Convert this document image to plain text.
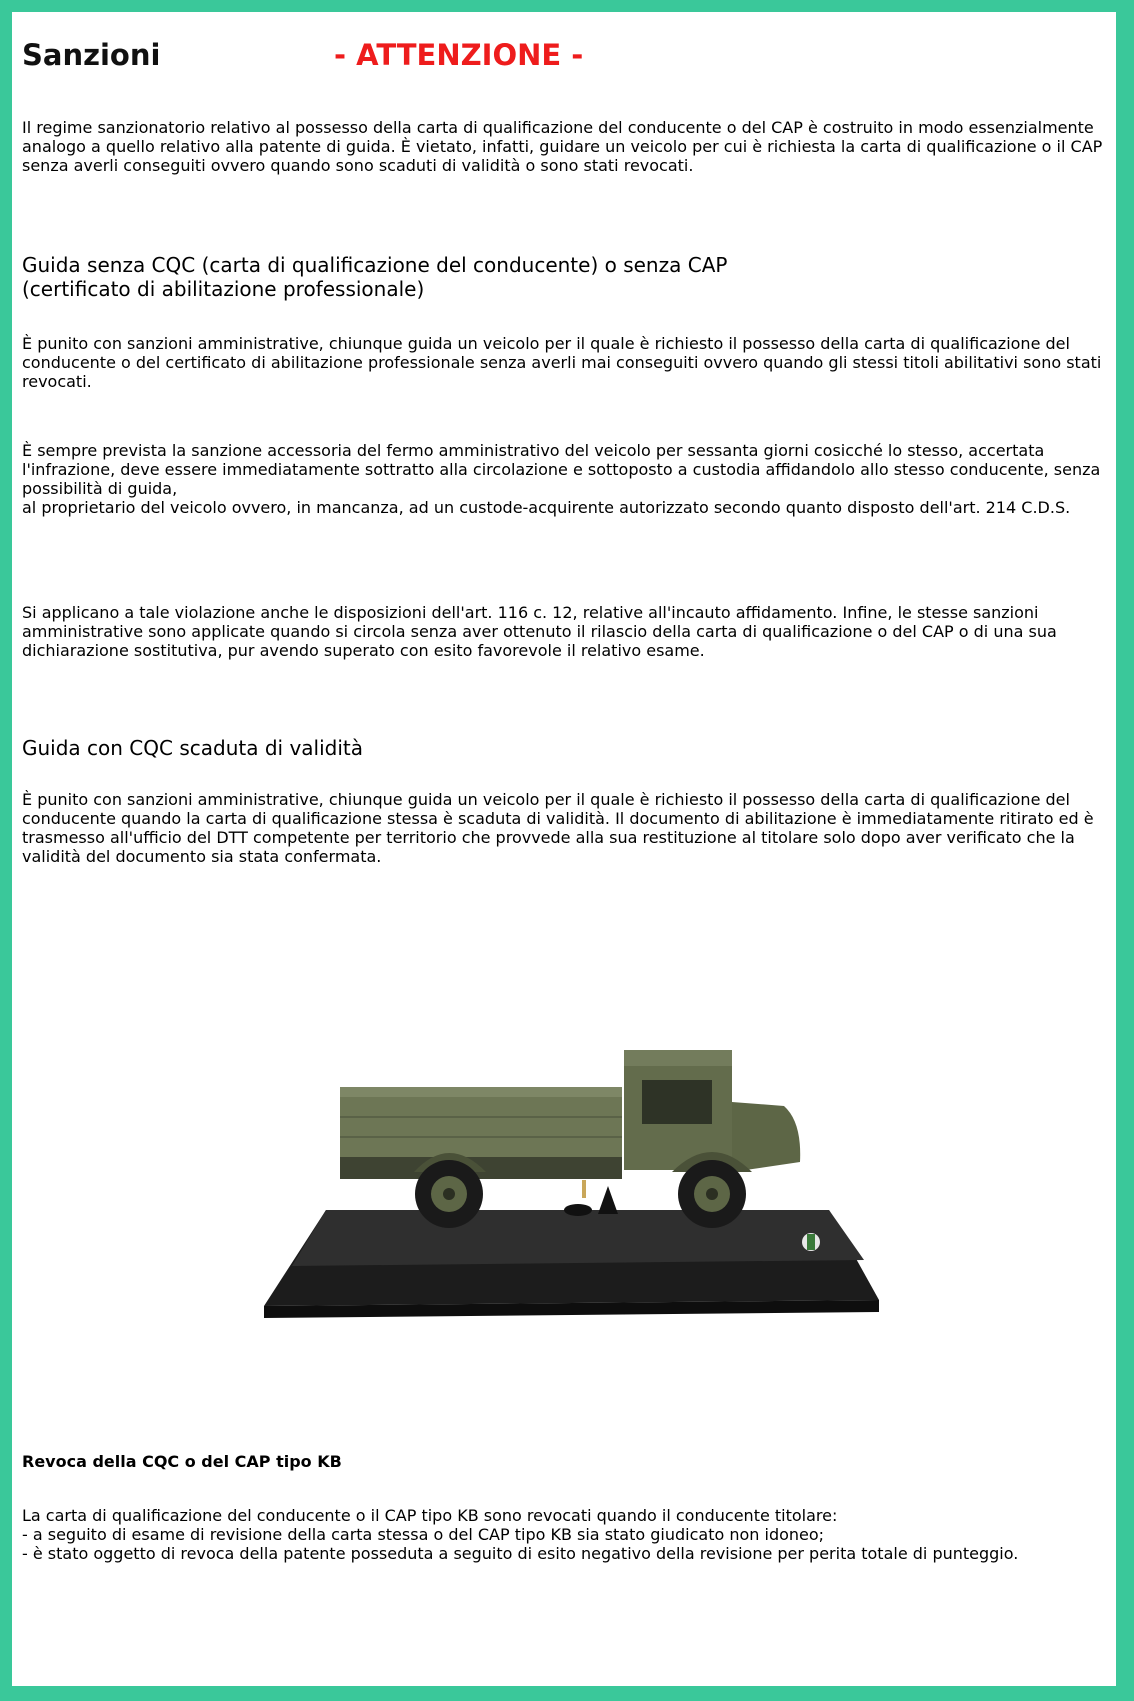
Sanzioni	- ATTENZIONE -

Il regime sanzionatorio relativo al possesso della carta di qualificazione del conducente o del CAP è costruito in modo essenzialmente analogo a quello relativo alla patente di guida. È vietato, infatti, guidare un veicolo per cui è richiesta la carta di qualificazione o il CAP senza averli conseguiti ovvero quando sono scaduti di validità o sono stati revocati.

Guida senza CQC (carta di qualificazione del conducente) o senza CAP
(certificato di abilitazione professionale)

È punito con sanzioni amministrative, chiunque guida un veicolo per il quale è richiesto il possesso della carta di qualificazione del conducente o del certificato di abilitazione professionale senza averli mai conseguiti ovvero quando gli stessi titoli abilitativi sono stati revocati.

È sempre prevista la sanzione accessoria del fermo amministrativo del veicolo per sessanta giorni cosicché lo stesso, accertata l'infrazione, deve essere immediatamente sottratto alla circolazione e sottoposto a custodia affidandolo allo stesso conducente, senza possibilità di guida,
al proprietario del veicolo ovvero, in mancanza, ad un custode-acquirente autorizzato secondo quanto disposto dell'art. 214 C.D.S.

Si applicano a tale violazione anche le disposizioni dell'art. 116 c. 12, relative all'incauto affidamento. Infine, le stesse sanzioni amministrative sono applicate quando si circola senza aver ottenuto il rilascio della carta di qualificazione o del CAP o di una sua dichiarazione sostitutiva, pur avendo superato con esito favorevole il relativo esame.

Guida con CQC scaduta di validità

È punito con sanzioni amministrative, chiunque guida un veicolo per il quale è richiesto il possesso della carta di qualificazione del conducente quando la carta di qualificazione stessa è scaduta di validità. Il documento di abilitazione è immediatamente ritirato ed è trasmesso all'ufficio del DTT competente per territorio che provvede alla sua restituzione al titolare solo dopo aver verificato che la validità del documento sia stata confermata.

Revoca della CQC o del CAP tipo KB
La carta di qualificazione del conducente o il CAP tipo KB sono revocati quando il conducente titolare:
- a seguito di esame di revisione della carta stessa o del CAP tipo KB sia stato giudicato non idoneo;
- è stato oggetto di revoca della patente posseduta a seguito di esito negativo della revisione per perita totale di punteggio.
